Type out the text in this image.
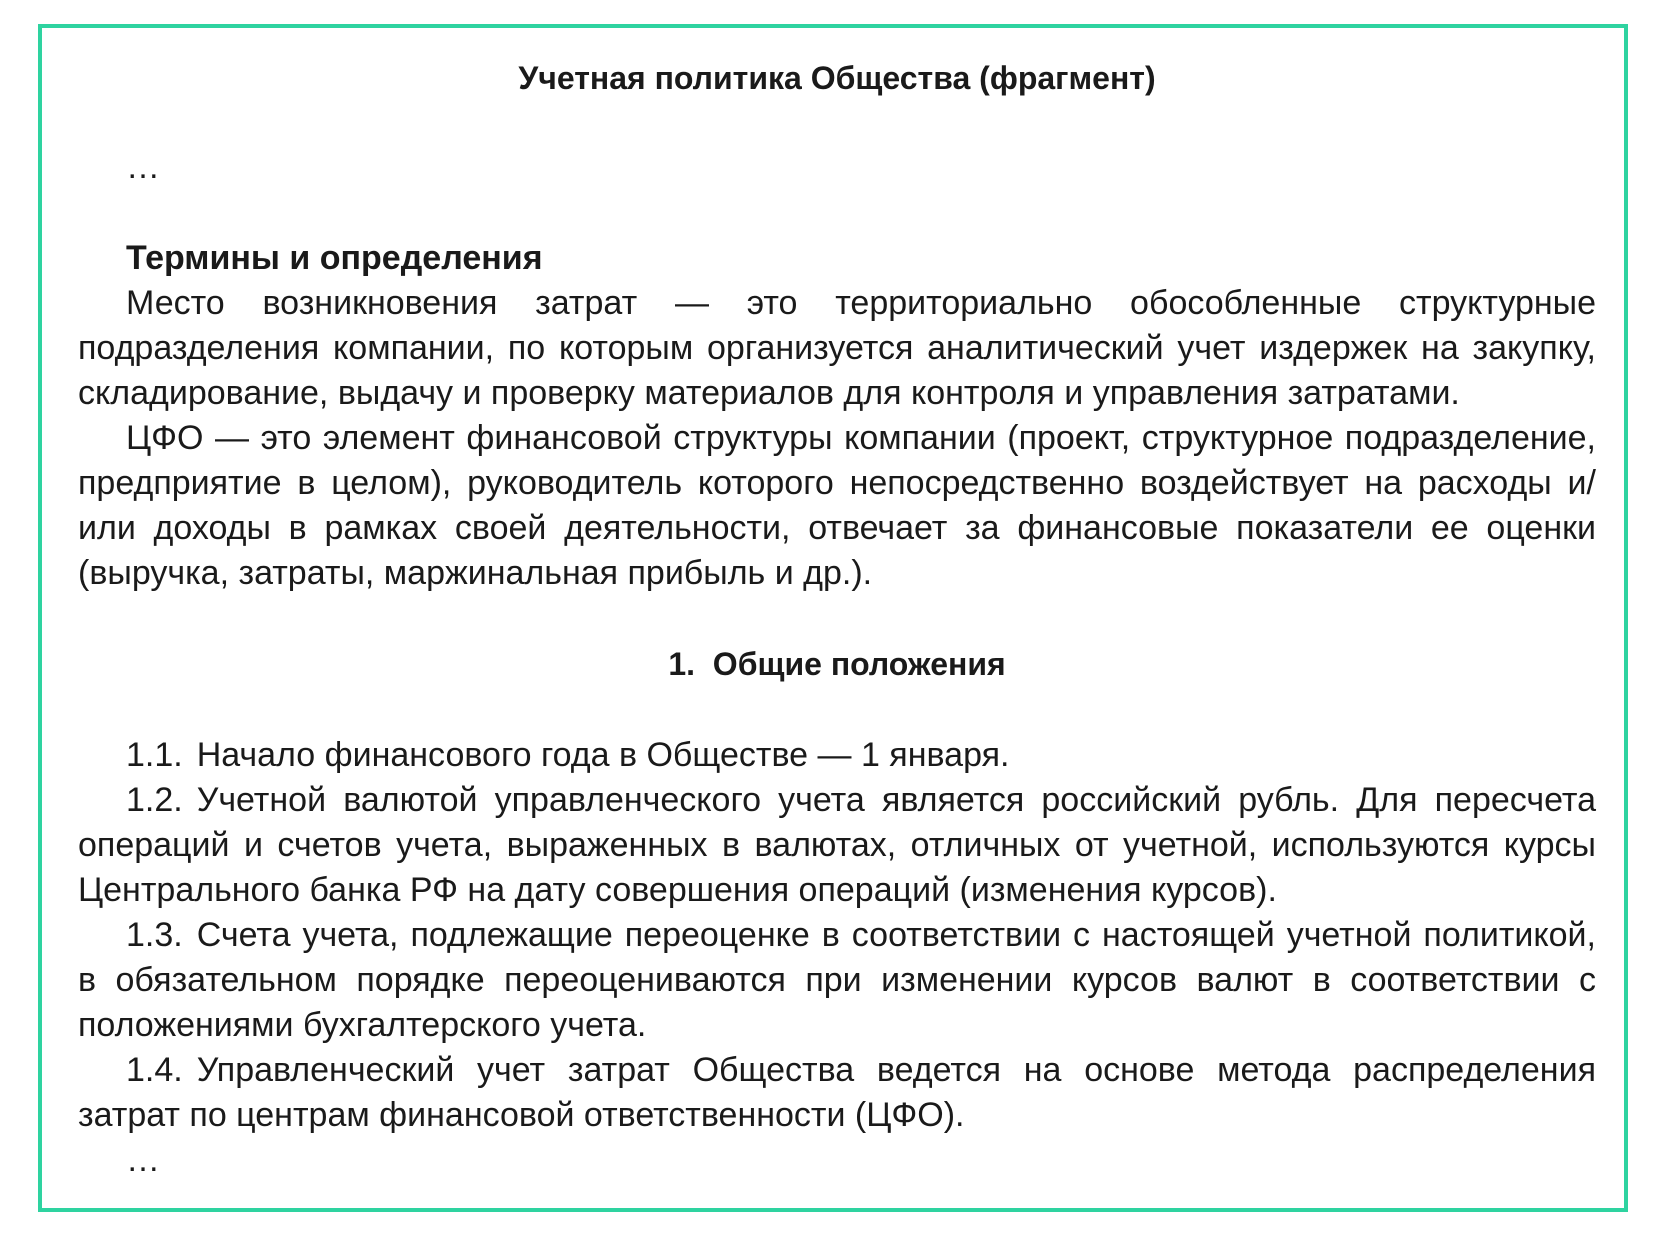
Учетная политика Общества (фрагмент)
…
Термины и определения

Место возникновения затрат — это территориально обособленные структурные подразделения компании, по которым организуется аналитический учет издержек на закупку, складирование, выдачу и проверку материалов для контроля и управления затратами.

ЦФО — это элемент финансовой структуры компании (проект, структурное подразделение, предприятие в целом), руководитель которого непосредственно воздействует на расходы и/или доходы в рамках своей деятельности, отвечает за финансовые показатели ее оценки (выручка, затраты, маржинальная прибыль и др.).

1. Общие положения

1.1. Начало финансового года в Обществе — 1 января.

1.2. Учетной валютой управленческого учета является российский рубль. Для пересчета операций и счетов учета, выраженных в валютах, отличных от учетной, используются курсы Центрального банка РФ на дату совершения операций (изменения курсов).

1.3. Счета учета, подлежащие переоценке в соответствии с настоящей учетной политикой, в обязательном порядке переоцениваются при изменении курсов валют в соответствии с положениями бухгалтерского учета.

1.4. Управленческий учет затрат Общества ведется на основе метода распределения затрат по центрам финансовой ответственности (ЦФО).

…
